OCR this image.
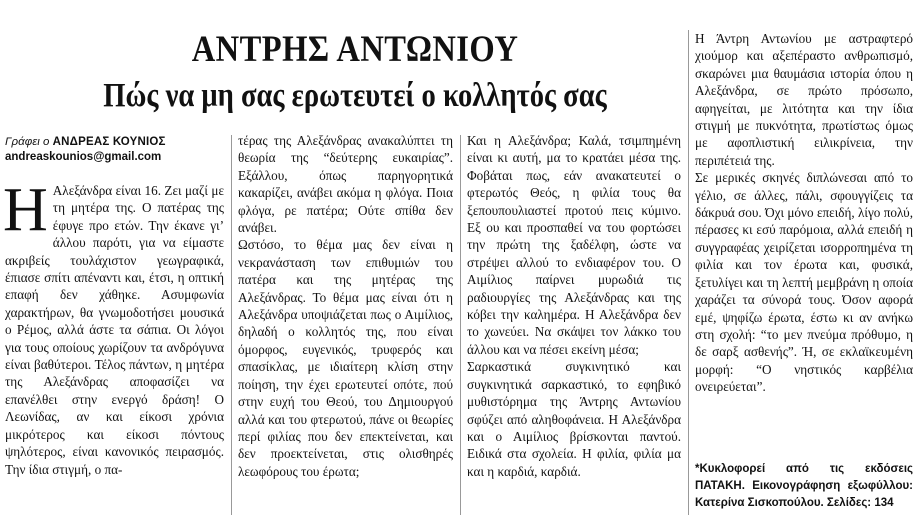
ΑΝΤΡΗΣ ΑΝΤΩΝΙΟΥ
Πώς να μη σας ερωτευτεί ο κολλητός σας
Γράφει ο ΑΝΔΡΕΑΣ ΚΟΥΝΙΟΣ
andreaskounios@gmail.com

Η Αλεξάνδρα είναι 16. Ζει μαζί με τη μητέρα της. Ο πατέρας της έφυγε προ ετών. Την έκανε γι’ άλλου παρότι, για να είμαστε ακριβείς τουλάχιστον γεωγραφικά, έπιασε σπίτι απέναντι και, έτσι, η οπτική επαφή δεν χάθηκε. Ασυμφωνία χαρακτήρων, θα γνωμοδοτήσει μουσικά ο Ρέμος, αλλά άστε τα σάπια. Οι λόγοι για τους οποίους χωρίζουν τα ανδρόγυνα είναι βαθύτεροι. Τέλος πάντων, η μητέρα της Αλεξάνδρας αποφασίζει να επανέλθει στην ενεργό δράση! Ο Λεωνίδας, αν και είκοσι χρόνια μικρότερος και είκοσι πόντους ψηλότερος, είναι κανονικός πειρασμός. Την ίδια στιγμή, ο πα-

τέρας της Αλεξάνδρας ανακαλύπτει τη θεωρία της “δεύτερης ευκαιρίας”. Εξάλλου, όπως παρηγορητικά κακαρίζει, ανάβει ακόμα η φλόγα. Ποια φλόγα, ρε πατέρα; Ούτε σπίθα δεν ανάβει.

Ωστόσο, το θέμα μας δεν είναι η νεκρανάσταση των επιθυμιών του πατέρα και της μητέρας της Αλεξάνδρας. Το θέμα μας είναι ότι η Αλεξάνδρα υποψιάζεται πως ο Αιμίλιος, δηλαδή ο κολλητός της, που είναι όμορφος, ευγενικός, τρυφερός και σπασίκλας, με ιδιαίτερη κλίση στην ποίηση, την έχει ερωτευτεί οπότε, πού στην ευχή του Θεού, του Δημιουργού αλλά και του φτερωτού, πάνε οι θεωρίες περί φιλίας που δεν επεκτείνεται, και δεν προεκτείνεται, στις ολισθηρές λεωφόρους του έρωτα;

Και η Αλεξάνδρα; Καλά, τσιμπημένη είναι κι αυτή, μα το κρατάει μέσα της. Φοβάται πως, εάν ανακατευτεί ο φτερωτός Θεός, η φιλία τους θα ξεπουπουλιαστεί προτού πεις κύμινο. Εξ ου και προσπαθεί να του φορτώσει την πρώτη της ξαδέλφη, ώστε να στρέψει αλλού το ενδιαφέρον του. Ο Αιμίλιος παίρνει μυρωδιά τις ραδιουργίες της Αλεξάνδρας και της κόβει την καλημέρα. Η Αλεξάνδρα δεν το χωνεύει. Να σκάψει τον λάκκο του άλλου και να πέσει εκείνη μέσα;

Σαρκαστικά συγκινητικό και συγκινητικά σαρκαστικό, το εφηβικό μυθιστόρημα της Άντρης Αντωνίου σφύζει από αληθοφάνεια. Η Αλεξάνδρα και ο Αιμίλιος βρίσκονται παντού. Ειδικά στα σχολεία. Η φιλία, φιλία μα και η καρδιά, καρδιά.

Η Άντρη Αντωνίου με αστραφτερό χιούμορ και αξεπέραστο ανθρωπισμό, σκαρώνει μια θαυμάσια ιστορία όπου η Αλεξάνδρα, σε πρώτο πρόσωπο, αφηγείται, με λιτότητα και την ίδια στιγμή με πυκνότητα, πρωτίστως όμως με αφοπλιστική ειλικρίνεια, την περιπέτειά της.

Σε μερικές σκηνές διπλώνεσαι από το γέλιο, σε άλλες, πάλι, σφουγγίζεις τα δάκρυά σου. Όχι μόνο επειδή, λίγο πολύ, πέρασες κι εσύ παρόμοια, αλλά επειδή η συγγραφέας χειρίζεται ισορροπημένα τη φιλία και τον έρωτα και, φυσικά, ξετυλίγει και τη λεπτή μεμβράνη η οποία χαράζει τα σύνορά τους. Όσον αφορά εμέ, ψηφίζω έρωτα, έστω κι αν ανήκω στη σχολή: “το μεν πνεύμα πρόθυμο, η δε σαρξ ασθενής”. Ή, σε εκλαϊκευμένη μορφή: “Ο νηστικός καρβέλια ονειρεύεται”.

*Κυκλοφορεί από τις εκδόσεις ΠΑΤΑΚΗ. Εικονογράφηση εξωφύλλου: Κατερίνα Σισκοπούλου. Σελίδες: 134
